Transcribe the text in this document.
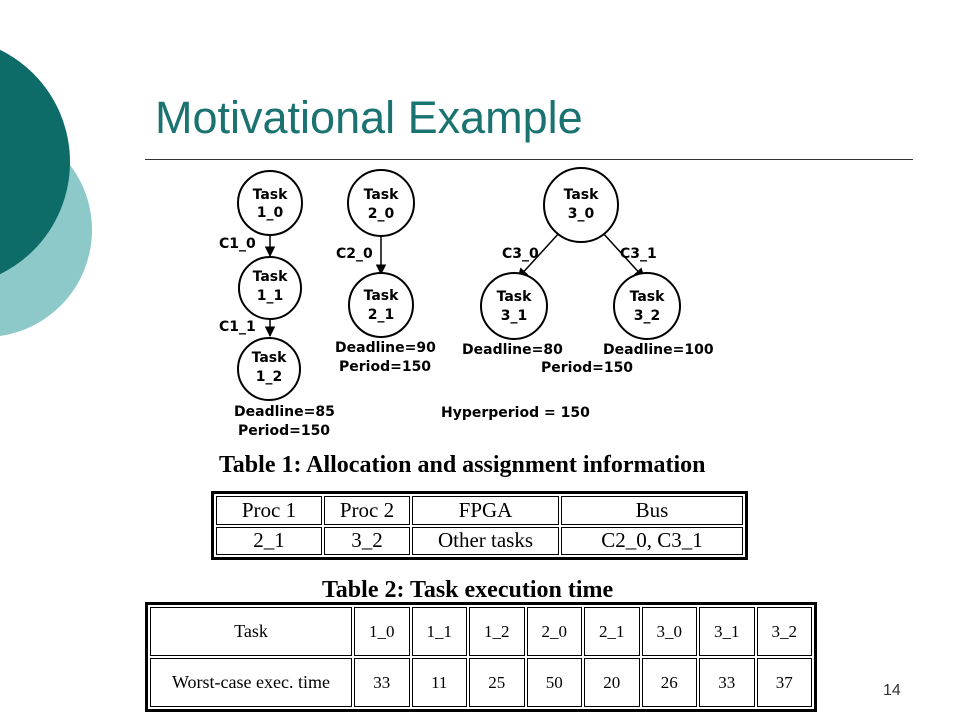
Motivational Example
Task
1_0
Task
1_1
Task
1_2
Task
2_0
Task
2_1
Task
3_0
Task
3_1
Task
3_2
C1_0
C1_1
C2_0	C3_0	C3_1
Deadline=85
Period=150
Deadline=90
Period=150
Deadline=80	Deadline=100
Period=150
Hyperperiod = 150
Table 1: Allocation and assignment information
Proc 1	Proc 2	FPGA	Bus
2_1	3_2	Other tasks	C2_0, C3_1
Table 2: Task execution time
Task	1_0	1_1	1_2	2_0	2_1	3_0	3_1	3_2
Worst-case exec. time	33	11	25	50	20	26	33	37	14
